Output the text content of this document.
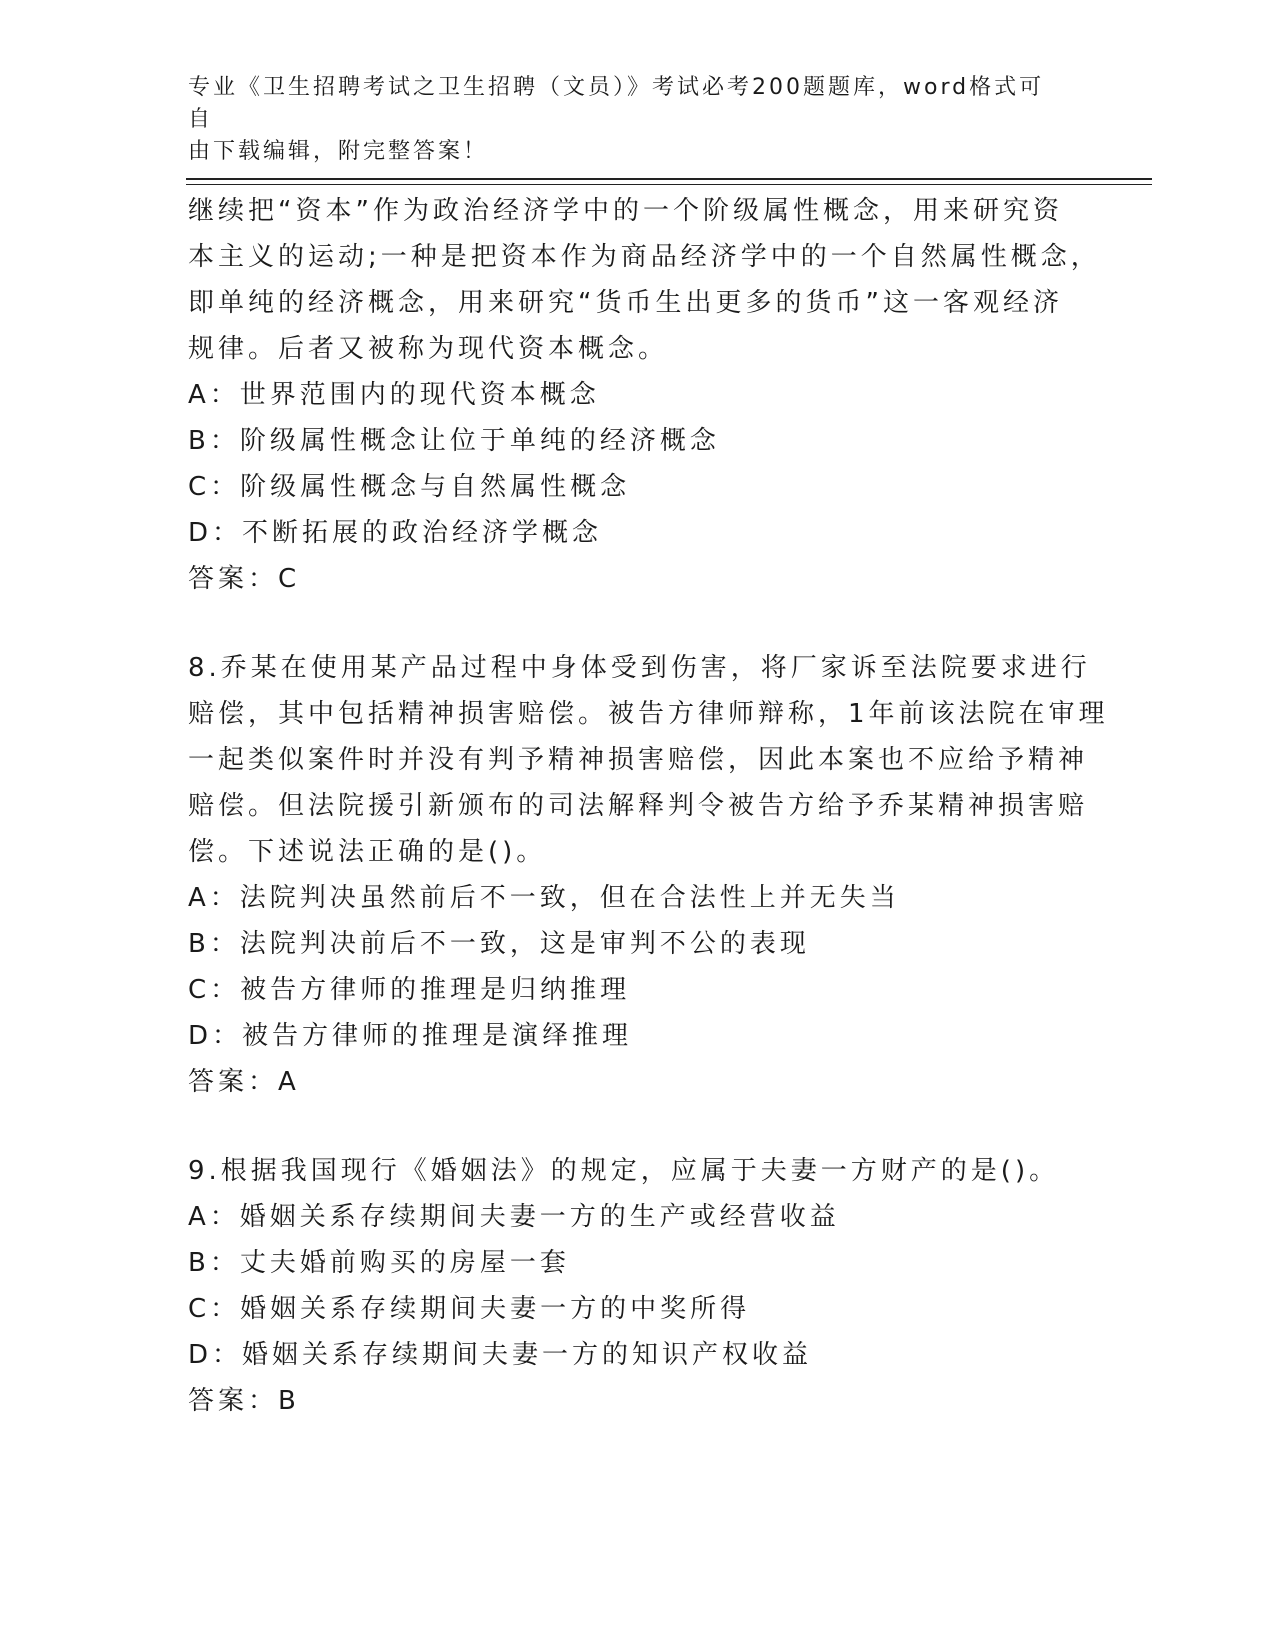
专业《卫生招聘考试之卫生招聘（文员）》考试必考200题题库，word格式可自
由下载编辑，附完整答案！
继续把“资本”作为政治经济学中的一个阶级属性概念，用来研究资
本主义的运动;一种是把资本作为商品经济学中的一个自然属性概念，
即单纯的经济概念，用来研究“货币生出更多的货币”这一客观经济
规律。后者又被称为现代资本概念。
A：世界范围内的现代资本概念
B：阶级属性概念让位于单纯的经济概念
C：阶级属性概念与自然属性概念
D：不断拓展的政治经济学概念
答案：C
8.乔某在使用某产品过程中身体受到伤害，将厂家诉至法院要求进行
赔偿，其中包括精神损害赔偿。被告方律师辩称，1年前该法院在审理
一起类似案件时并没有判予精神损害赔偿，因此本案也不应给予精神
赔偿。但法院援引新颁布的司法解释判令被告方给予乔某精神损害赔
偿。下述说法正确的是()。
A：法院判决虽然前后不一致，但在合法性上并无失当
B：法院判决前后不一致，这是审判不公的表现
C：被告方律师的推理是归纳推理
D：被告方律师的推理是演绎推理
答案：A
9.根据我国现行《婚姻法》的规定，应属于夫妻一方财产的是()。
A：婚姻关系存续期间夫妻一方的生产或经营收益
B：丈夫婚前购买的房屋一套
C：婚姻关系存续期间夫妻一方的中奖所得
D：婚姻关系存续期间夫妻一方的知识产权收益
答案：B
